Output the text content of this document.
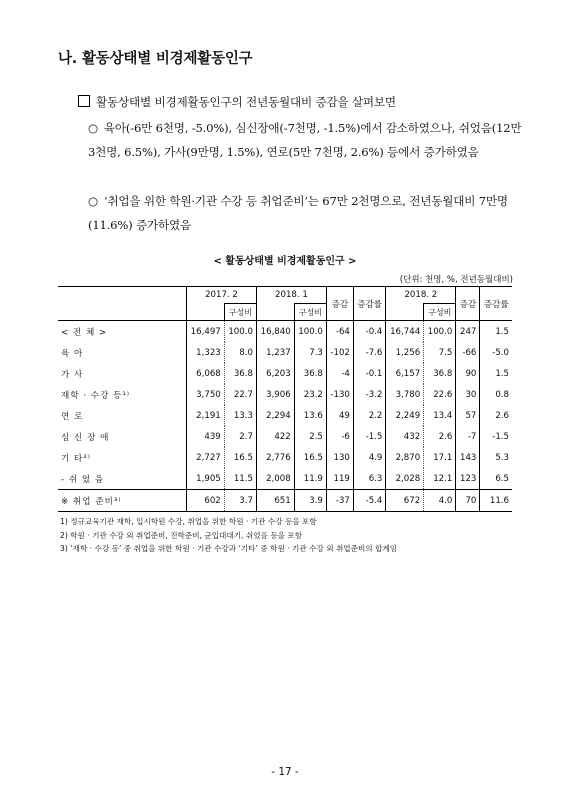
나. 활동상태별 비경제활동인구
활동상태별 비경제활동인구의 전년동월대비 증감을 살펴보면
○ 육아(-6만 6천명, -5.0%), 심신장애(-7천명, -1.5%)에서 감소하였으나, 쉬었음(12만 3천명, 6.5%), 가사(9만명, 1.5%), 연로(5만 7천명, 2.6%) 등에서 증가하였음
○ ‘취업을 위한 학원·기관 수강 등 취업준비’는 67만 2천명으로, 전년동월대비 7만명(11.6%) 증가하였음
< 활동상태별 비경제활동인구 >
(단위: 천명, %, 전년동월대비)
	2017. 2		2018. 1		증감	증감률	2018. 2		증감	증감률
		구성비		구성비				구성비		
< 전 체 >	16,497	100.0	16,840	100.0	-64	-0.4	16,744	100.0	247	1.5
육 아	1,323	8.0	1,237	7.3	-102	-7.6	1,256	7.5	-66	-5.0
가 사	6,068	36.8	6,203	36.8	-4	-0.1	6,157	36.8	90	1.5
재학 · 수강 등¹⁾	3,750	22.7	3,906	23.2	-130	-3.2	3,780	22.6	30	0.8
연 로	2,191	13.3	2,294	13.6	49	2.2	2,249	13.4	57	2.6
심 신 장 애	439	2.7	422	2.5	-6	-1.5	432	2.6	-7	-1.5
기 타²⁾	2,727	16.5	2,776	16.5	130	4.9	2,870	17.1	143	5.3
- 쉬 었 음	1,905	11.5	2,008	11.9	119	6.3	2,028	12.1	123	6.5
※ 취업 준비³⁾	602	3.7	651	3.9	-37	-5.4	672	4.0	70	11.6
1) 정규교육기관 재학, 입시학원 수강, 취업을 위한 학원 · 기관 수강 등을 포함
2) 학원 · 기관 수강 외 취업준비, 진학준비, 군입대대기, 쉬었음 등을 포함
3) ‘재학 · 수강 등’ 중 취업을 위한 학원 · 기관 수강과 ‘기타’ 중 학원 · 기관 수강 외 취업준비의 합계임
- 17 -
